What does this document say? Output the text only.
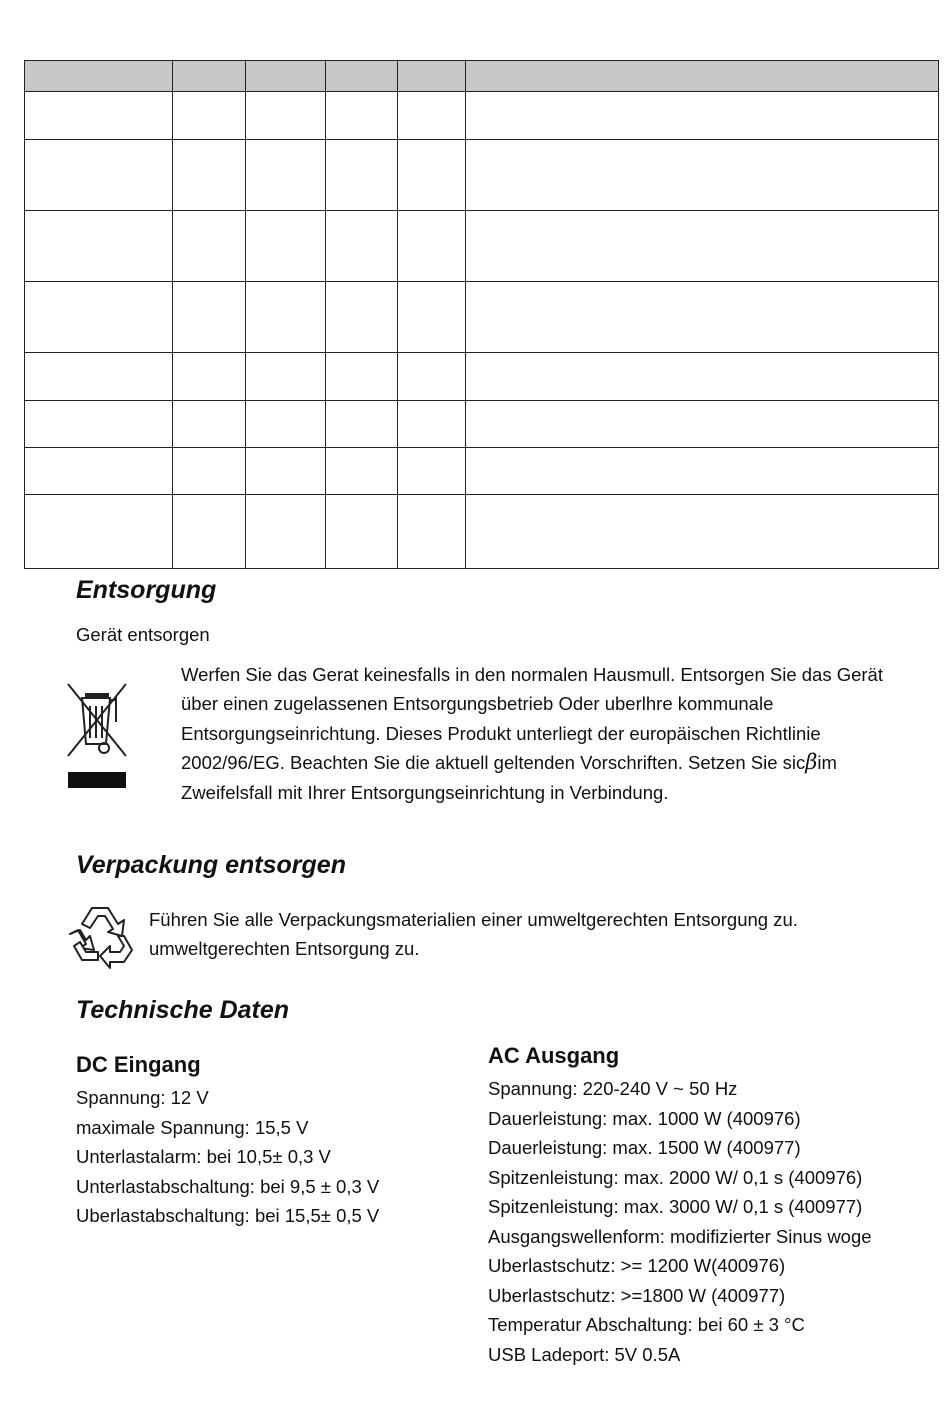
Entsorgung
Gerät entsorgen

Werfen Sie das Gerat keinesfalls in den normalen Hausmull. Entsorgen Sie das Gerät über einen zugelassenen Entsorgungsbetrieb Oder uberlhre kommunale Entsorgungseinrichtung. Dieses Produkt unterliegt der europäischen Richtlinie 2002/96/EG. Beachten Sie die aktuell geltenden Vorschriften. Setzen Sie sicβim Zweifelsfall mit Ihrer Entsorgungseinrichtung in Verbindung.

Verpackung entsorgen

Führen Sie alle Verpackungsmaterialien einer umweltgerechten Entsorgung zu. umweltgerechten Entsorgung zu.

Technische Daten
DC Eingang
Spannung: 12 V
maximale Spannung: 15,5 V
Unterlastalarm: bei 10,5± 0,3 V
Unterlastabschaltung: bei 9,5 ± 0,3 V
Uberlastabschaltung: bei 15,5± 0,5 V
AC Ausgang
Spannung: 220-240 V ~ 50 Hz
Dauerleistung: max. 1000 W (400976)
Dauerleistung: max. 1500 W (400977)
Spitzenleistung: max. 2000 W/ 0,1 s (400976)
Spitzenleistung: max. 3000 W/ 0,1 s (400977)
Ausgangswellenform: modifizierter Sinus woge
Uberlastschutz: >= 1200 W(400976)
Uberlastschutz: >=1800 W (400977)
Temperatur Abschaltung: bei 60 ± 3 °C
USB Ladeport: 5V 0.5A
